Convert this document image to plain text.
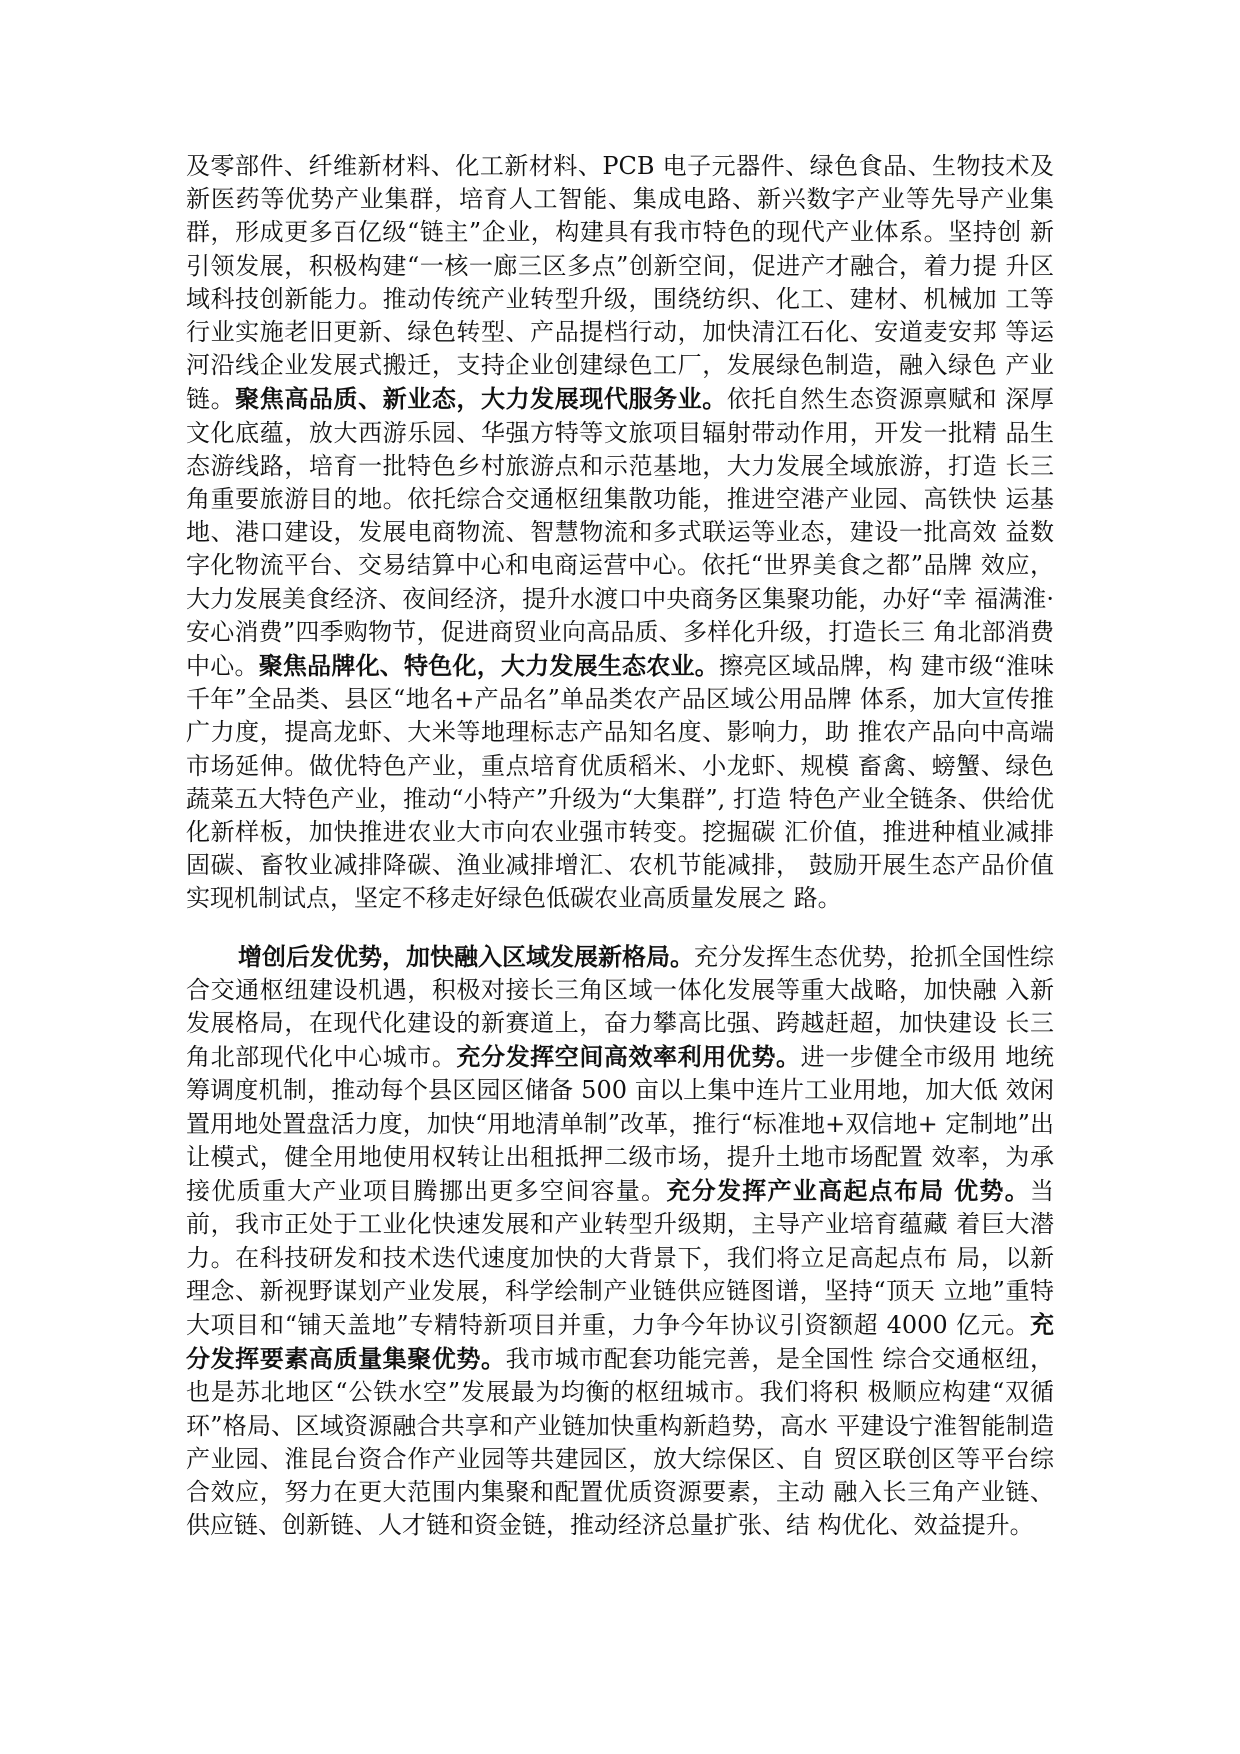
及零部件、纤维新材料、化工新材料、PCB 电子元器件、绿色食品、生物技术及 新医药等优势产业集群，培育人工智能、集成电路、新兴数字产业等先导产业集 群，形成更多百亿级“链主”企业，构建具有我市特色的现代产业体系。坚持创 新引领发展，积极构建“一核一廊三区多点”创新空间，促进产才融合，着力提 升区域科技创新能力。推动传统产业转型升级，围绕纺织、化工、建材、机械加 工等行业实施老旧更新、绿色转型、产品提档行动，加快清江石化、安道麦安邦 等运河沿线企业发展式搬迁，支持企业创建绿色工厂，发展绿色制造，融入绿色 产业链。聚焦高品质、新业态，大力发展现代服务业。依托自然生态资源禀赋和 深厚文化底蕴，放大西游乐园、华强方特等文旅项目辐射带动作用，开发一批精 品生态游线路，培育一批特色乡村旅游点和示范基地，大力发展全域旅游，打造 长三角重要旅游目的地。依托综合交通枢纽集散功能，推进空港产业园、高铁快 运基地、港口建设，发展电商物流、智慧物流和多式联运等业态，建设一批高效 益数字化物流平台、交易结算中心和电商运营中心。依托“世界美食之都”品牌 效应，大力发展美食经济、夜间经济，提升水渡口中央商务区集聚功能，办好“幸 福满淮·安心消费”四季购物节，促进商贸业向高品质、多样化升级，打造长三 角北部消费中心。聚焦品牌化、特色化，大力发展生态农业。擦亮区域品牌，构 建市级“淮味千年”全品类、县区“地名+产品名”单品类农产品区域公用品牌 体系，加大宣传推广力度，提高龙虾、大米等地理标志产品知名度、影响力，助 推农产品向中高端市场延伸。做优特色产业，重点培育优质稻米、小龙虾、规模 畜禽、螃蟹、绿色蔬菜五大特色产业，推动“小特产”升级为“大集群”, 打造 特色产业全链条、供给优化新样板，加快推进农业大市向农业强市转变。挖掘碳 汇价值，推进种植业减排固碳、畜牧业减排降碳、渔业减排增汇、农机节能减排， 鼓励开展生态产品价值实现机制试点，坚定不移走好绿色低碳农业高质量发展之 路。

增创后发优势，加快融入区域发展新格局。充分发挥生态优势，抢抓全国性综合交通枢纽建设机遇，积极对接长三角区域一体化发展等重大战略，加快融 入新发展格局，在现代化建设的新赛道上，奋力攀高比强、跨越赶超，加快建设 长三角北部现代化中心城市。充分发挥空间高效率利用优势。进一步健全市级用 地统筹调度机制，推动每个县区园区储备 500 亩以上集中连片工业用地，加大低 效闲置用地处置盘活力度，加快“用地清单制”改革，推行“标准地+双信地+ 定制地”出让模式，健全用地使用权转让出租抵押二级市场，提升土地市场配置 效率，为承接优质重大产业项目腾挪出更多空间容量。充分发挥产业高起点布局 优势。当前，我市正处于工业化快速发展和产业转型升级期，主导产业培育蕴藏 着巨大潜力。在科技研发和技术迭代速度加快的大背景下，我们将立足高起点布 局，以新理念、新视野谋划产业发展，科学绘制产业链供应链图谱，坚持“顶天 立地”重特大项目和“铺天盖地”专精特新项目并重，力争今年协议引资额超 4000 亿元。充分发挥要素高质量集聚优势。我市城市配套功能完善，是全国性 综合交通枢纽，也是苏北地区“公铁水空”发展最为均衡的枢纽城市。我们将积 极顺应构建“双循环”格局、区域资源融合共享和产业链加快重构新趋势，高水 平建设宁淮智能制造产业园、淮昆台资合作产业园等共建园区，放大综保区、自 贸区联创区等平台综合效应，努力在更大范围内集聚和配置优质资源要素，主动 融入长三角产业链、供应链、创新链、人才链和资金链，推动经济总量扩张、结 构优化、效益提升。
